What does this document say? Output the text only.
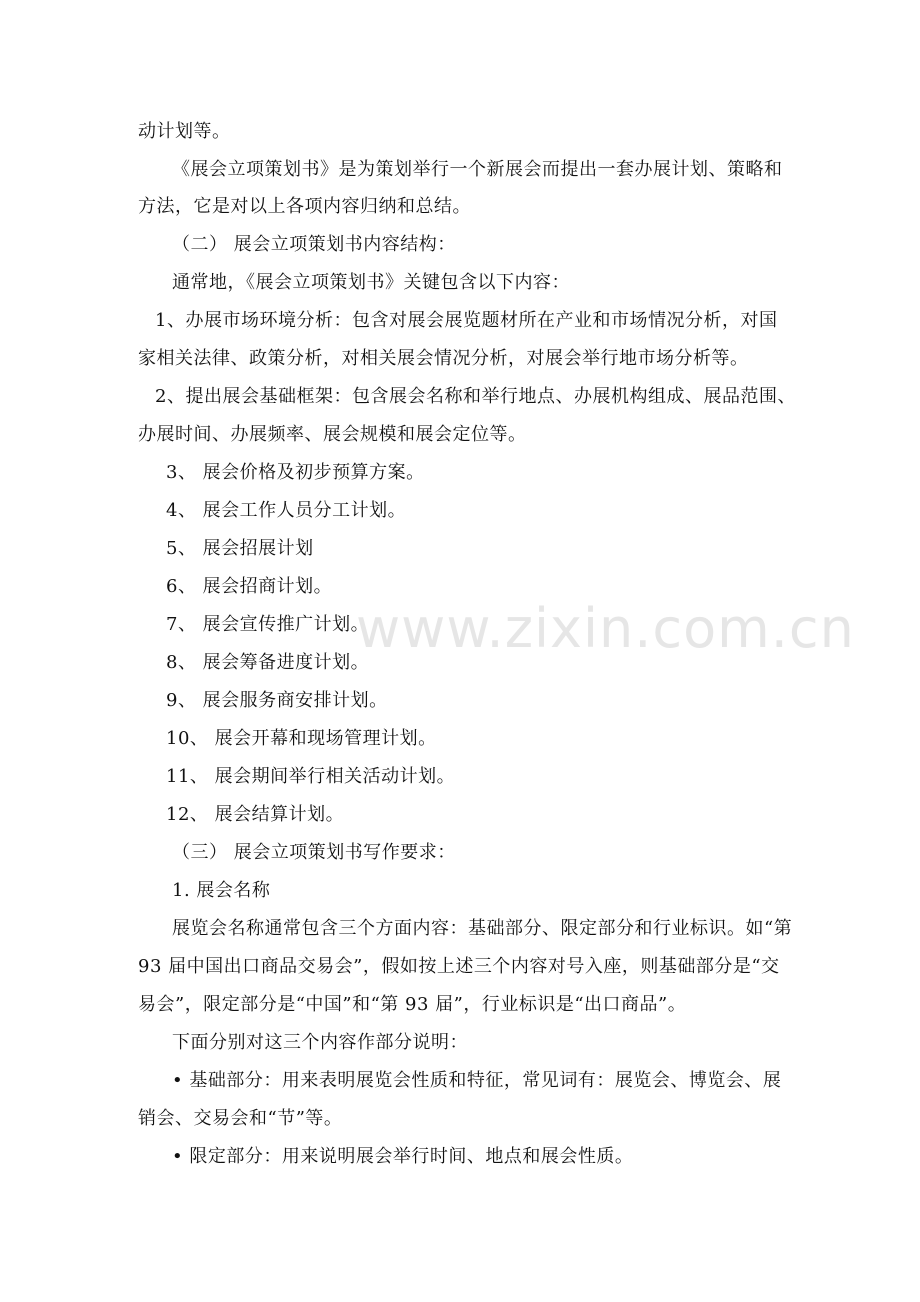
www.zixin.com.cn
动计划等。
《展会立项策划书》是为策划举行一个新展会而提出一套办展计划、策略和
方法，它是对以上各项内容归纳和总结。
（二） 展会立项策划书内容结构：
通常地，《展会立项策划书》关键包含以下内容：
1、办展市场环境分析：包含对展会展览题材所在产业和市场情况分析，对国
家相关法律、政策分析，对相关展会情况分析，对展会举行地市场分析等。
2、提出展会基础框架：包含展会名称和举行地点、办展机构组成、展品范围、
办展时间、办展频率、展会规模和展会定位等。
3、 展会价格及初步预算方案。
4、 展会工作人员分工计划。
5、 展会招展计划
6、 展会招商计划。
7、 展会宣传推广计划。
8、 展会筹备进度计划。
9、 展会服务商安排计划。
10、 展会开幕和现场管理计划。
11、 展会期间举行相关活动计划。
12、 展会结算计划。
（三） 展会立项策划书写作要求：
1. 展会名称
展览会名称通常包含三个方面内容：基础部分、限定部分和行业标识。如“第
93 届中国出口商品交易会”，假如按上述三个内容对号入座，则基础部分是“交
易会”，限定部分是“中国”和“第 93 届”，行业标识是“出口商品”。
下面分别对这三个内容作部分说明：
• 基础部分：用来表明展览会性质和特征，常见词有：展览会、博览会、展
销会、交易会和“节”等。
• 限定部分：用来说明展会举行时间、地点和展会性质。
